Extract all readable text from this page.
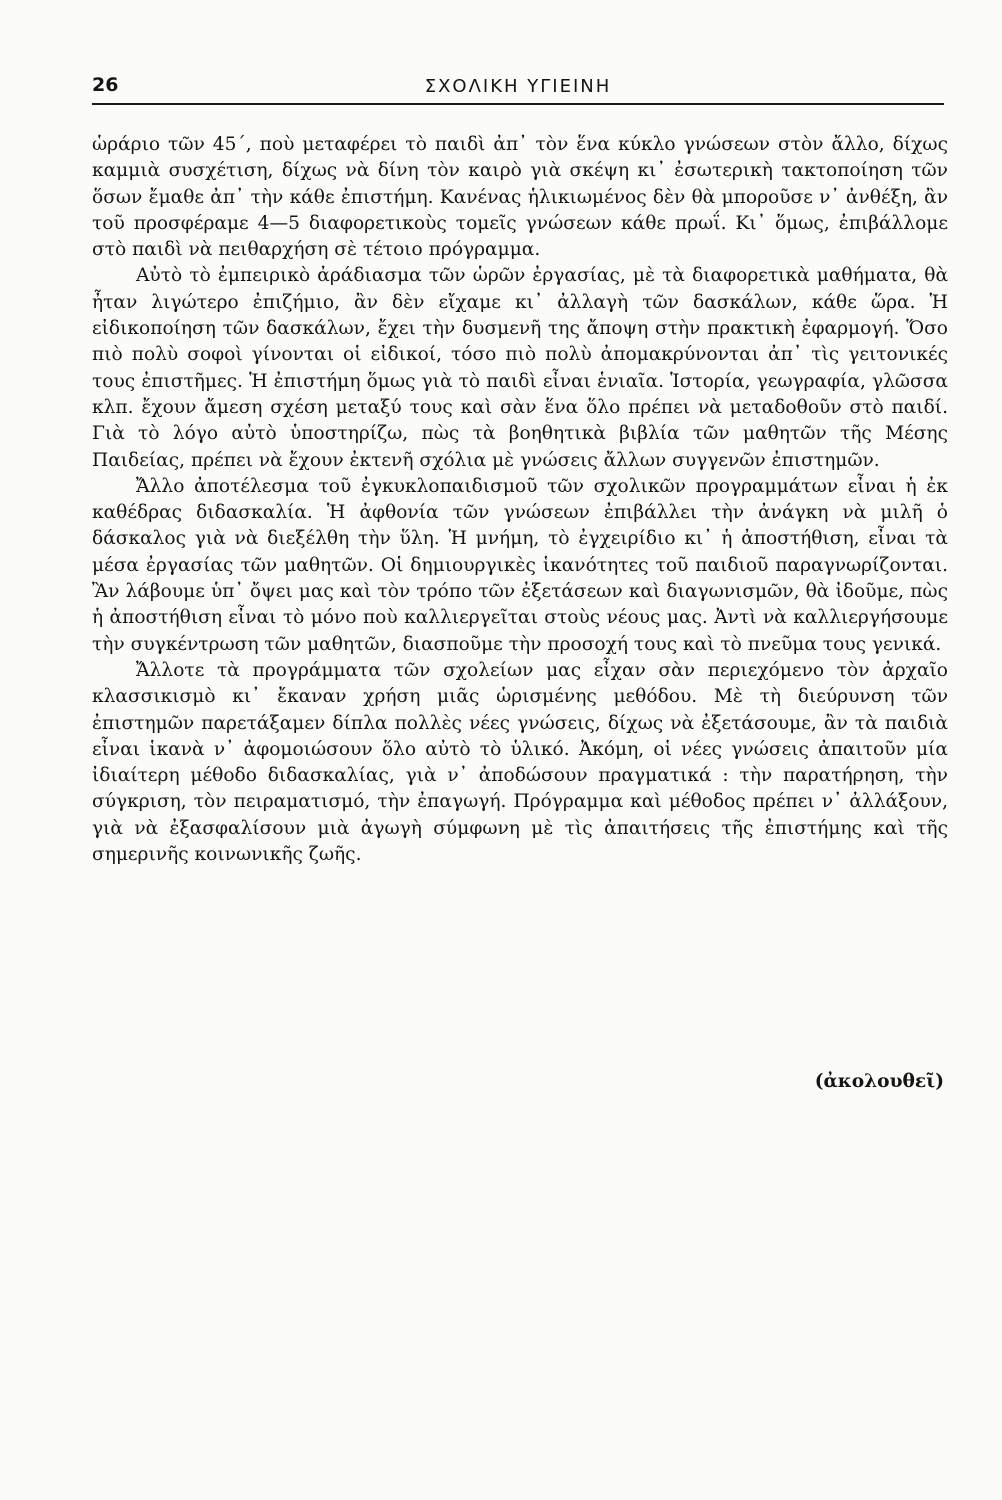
26	ΣΧΟΛΙΚΗ ΥΓΙΕΙΝΗ

ὡράριο τῶν 45΄, ποὺ μεταφέρει τὸ παιδὶ ἀπ᾽ τὸν ἕνα κύκλο γνώσεων στὸν ἄλλο, δίχως καμμιὰ συσχέτιση, δίχως νὰ δίνη τὸν καιρὸ γιὰ σκέψη κι᾽ ἐσωτερικὴ τακτοποίηση τῶν ὅσων ἔμαθε ἀπ᾽ τὴν κάθε ἐπιστήμη. Κανένας ἡλικιωμένος δὲν θὰ μποροῦσε ν᾽ ἀνθέξη, ἂν τοῦ προσφέραμε 4—5 διαφορετικοὺς τομεῖς γνώσεων κάθε πρωΐ. Κι᾽ ὅμως, ἐπιβάλλομε στὸ παιδὶ νὰ πειθαρχήση σὲ τέτοιο πρόγραμμα.

Αὐτὸ τὸ ἐμπειρικὸ ἀράδιασμα τῶν ὡρῶν ἐργασίας, μὲ τὰ διαφορετικὰ μαθήματα, θὰ ἦταν λιγώτερο ἐπιζήμιο, ἂν δὲν εἴχαμε κι᾽ ἀλλαγὴ τῶν δασκάλων, κάθε ὥρα. Ἡ εἰδικοποίηση τῶν δασκάλων, ἔχει τὴν δυσμενῆ της ἄποψη στὴν πρακτικὴ ἐφαρμογή. Ὅσο πιὸ πολὺ σοφοὶ γίνονται οἱ εἰδικοί, τόσο πιὸ πολὺ ἀπομακρύνονται ἀπ᾽ τὶς γειτονικές τους ἐπιστῆμες. Ἡ ἐπιστήμη ὅμως γιὰ τὸ παιδὶ εἶναι ἑνιαῖα. Ἱστορία, γεωγραφία, γλῶσσα κλπ. ἔχουν ἄμεση σχέση μεταξύ τους καὶ σὰν ἕνα ὅλο πρέπει νὰ μεταδοθοῦν στὸ παιδί. Γιὰ τὸ λόγο αὐτὸ ὑποστηρίζω, πὼς τὰ βοηθητικὰ βιβλία τῶν μαθητῶν τῆς Μέσης Παιδείας, πρέπει νὰ ἔχουν ἐκτενῆ σχόλια μὲ γνώσεις ἄλλων συγγενῶν ἐπιστημῶν.

Ἄλλο ἀποτέλεσμα τοῦ ἐγκυκλοπαιδισμοῦ τῶν σχολικῶν προγραμμάτων εἶναι ἡ ἐκ καθέδρας διδασκαλία. Ἡ ἀφθονία τῶν γνώσεων ἐπιβάλλει τὴν ἀνάγκη νὰ μιλῆ ὁ δάσκαλος γιὰ νὰ διεξέλθη τὴν ὕλη. Ἡ μνήμη, τὸ ἐγχειρίδιο κι᾽ ἡ ἀποστήθιση, εἶναι τὰ μέσα ἐργασίας τῶν μαθητῶν. Οἱ δημιουργικὲς ἱκανότητες τοῦ παιδιοῦ παραγνωρίζονται. Ἂν λάβουμε ὑπ᾽ ὄψει μας καὶ τὸν τρόπο τῶν ἐξετάσεων καὶ διαγωνισμῶν, θὰ ἰδοῦμε, πὼς ἡ ἀποστήθιση εἶναι τὸ μόνο ποὺ καλλιεργεῖται στοὺς νέους μας. Ἀντὶ νὰ καλλιεργήσουμε τὴν συγκέντρωση τῶν μαθητῶν, διασποῦμε τὴν προσοχή τους καὶ τὸ πνεῦμα τους γενικά.

Ἄλλοτε τὰ προγράμματα τῶν σχολείων μας εἶχαν σὰν περιεχόμενο τὸν ἀρχαῖο κλασσικισμὸ κι᾽ ἔκαναν χρήση μιᾶς ὡρισμένης μεθόδου. Μὲ τὴ διεύρυνση τῶν ἐπιστημῶν παρετάξαμεν δίπλα πολλὲς νέες γνώσεις, δίχως νὰ ἐξετάσουμε, ἂν τὰ παιδιὰ εἶναι ἱκανὰ ν᾽ ἀφομοιώσουν ὅλο αὐτὸ τὸ ὑλικό. Ἀκόμη, οἱ νέες γνώσεις ἀπαιτοῦν μία ἰδιαίτερη μέθοδο διδασκαλίας, γιὰ ν᾽ ἀποδώσουν πραγματικά : τὴν παρατήρηση, τὴν σύγκριση, τὸν πειραματισμό, τὴν ἐπαγωγή. Πρόγραμμα καὶ μέθοδος πρέπει ν᾽ ἀλλάξουν, γιὰ νὰ ἐξασφαλίσουν μιὰ ἀγωγὴ σύμφωνη μὲ τὶς ἀπαιτήσεις τῆς ἐπιστήμης καὶ τῆς σημερινῆς κοινωνικῆς ζωῆς.

(ἀκολουθεῖ)
